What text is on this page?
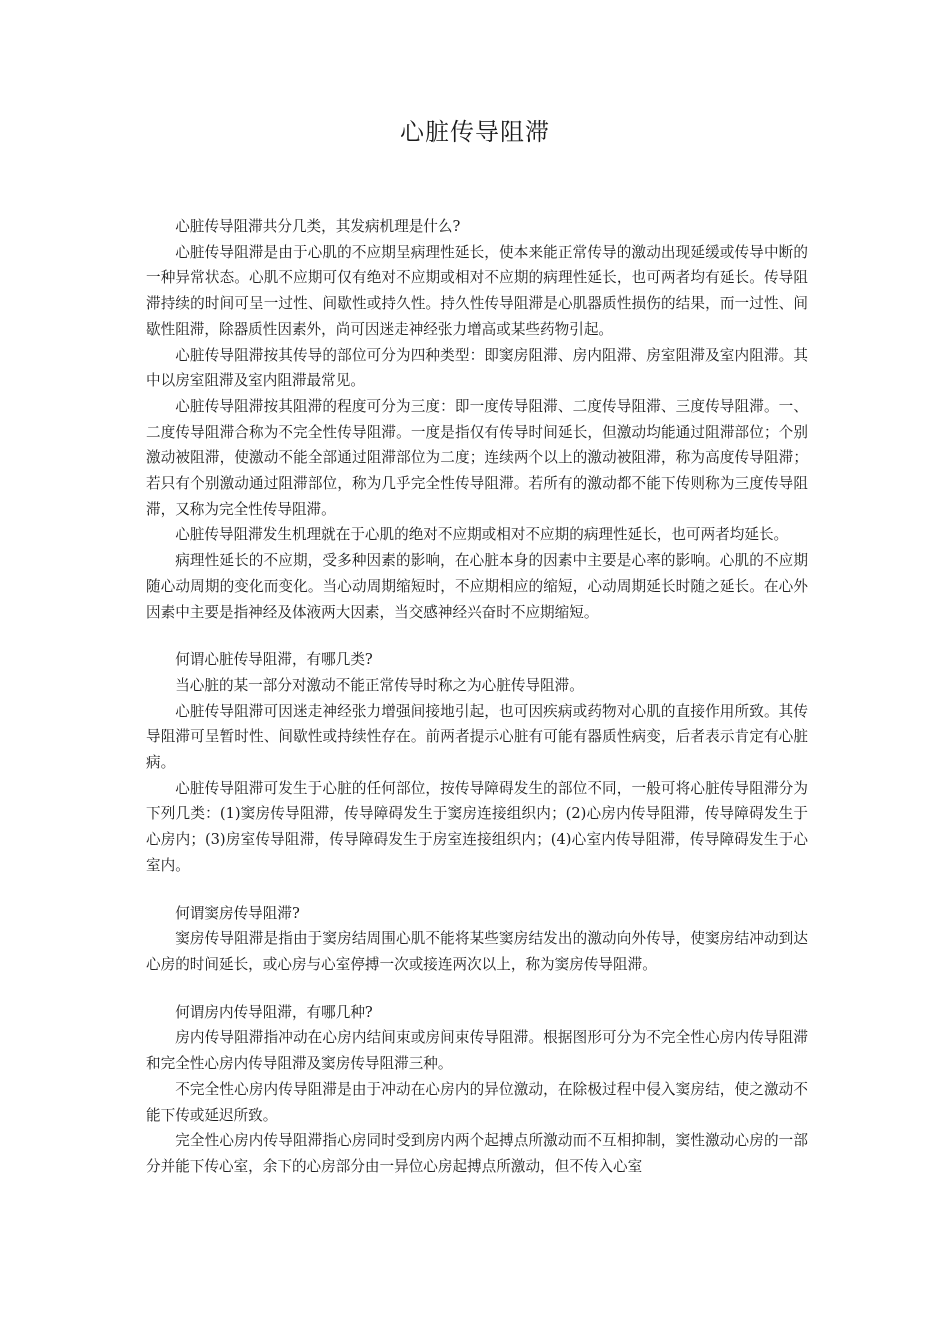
心脏传导阻滞

心脏传导阻滞共分几类，其发病机理是什么?

心脏传导阻滞是由于心肌的不应期呈病理性延长，使本来能正常传导的激动出现延缓或传导中断的一种异常状态。心肌不应期可仅有绝对不应期或相对不应期的病理性延长，也可两者均有延长。传导阻滞持续的时间可呈一过性、间歇性或持久性。持久性传导阻滞是心肌器质性损伤的结果，而一过性、间歇性阻滞，除器质性因素外，尚可因迷走神经张力增高或某些药物引起。

心脏传导阻滞按其传导的部位可分为四种类型：即窦房阻滞、房内阻滞、房室阻滞及室内阻滞。其中以房室阻滞及室内阻滞最常见。

心脏传导阻滞按其阻滞的程度可分为三度：即一度传导阻滞、二度传导阻滞、三度传导阻滞。一、二度传导阻滞合称为不完全性传导阻滞。一度是指仅有传导时间延长，但激动均能通过阻滞部位；个别激动被阻滞，使激动不能全部通过阻滞部位为二度；连续两个以上的激动被阻滞，称为高度传导阻滞；若只有个别激动通过阻滞部位，称为几乎完全性传导阻滞。若所有的激动都不能下传则称为三度传导阻滞，又称为完全性传导阻滞。

心脏传导阻滞发生机理就在于心肌的绝对不应期或相对不应期的病理性延长，也可两者均延长。

病理性延长的不应期，受多种因素的影响，在心脏本身的因素中主要是心率的影响。心肌的不应期随心动周期的变化而变化。当心动周期缩短时，不应期相应的缩短，心动周期延长时随之延长。在心外因素中主要是指神经及体液两大因素，当交感神经兴奋时不应期缩短。

何谓心脏传导阻滞，有哪几类?

当心脏的某一部分对激动不能正常传导时称之为心脏传导阻滞。

心脏传导阻滞可因迷走神经张力增强间接地引起，也可因疾病或药物对心肌的直接作用所致。其传导阻滞可呈暂时性、间歇性或持续性存在。前两者提示心脏有可能有器质性病变，后者表示肯定有心脏病。

心脏传导阻滞可发生于心脏的任何部位，按传导障碍发生的部位不同，一般可将心脏传导阻滞分为下列几类：(1)窦房传导阻滞，传导障碍发生于窦房连接组织内；(2)心房内传导阻滞，传导障碍发生于心房内；(3)房室传导阻滞，传导障碍发生于房室连接组织内；(4)心室内传导阻滞，传导障碍发生于心室内。

何谓窦房传导阻滞?

窦房传导阻滞是指由于窦房结周围心肌不能将某些窦房结发出的激动向外传导，使窦房结冲动到达心房的时间延长，或心房与心室停搏一次或接连两次以上，称为窦房传导阻滞。

何谓房内传导阻滞，有哪几种?

房内传导阻滞指冲动在心房内结间束或房间束传导阻滞。根据图形可分为不完全性心房内传导阻滞和完全性心房内传导阻滞及窦房传导阻滞三种。

不完全性心房内传导阻滞是由于冲动在心房内的异位激动，在除极过程中侵入窦房结，使之激动不能下传或延迟所致。

完全性心房内传导阻滞指心房同时受到房内两个起搏点所激动而不互相抑制，窦性激动心房的一部分并能下传心室，余下的心房部分由一异位心房起搏点所激动，但不传入心室
